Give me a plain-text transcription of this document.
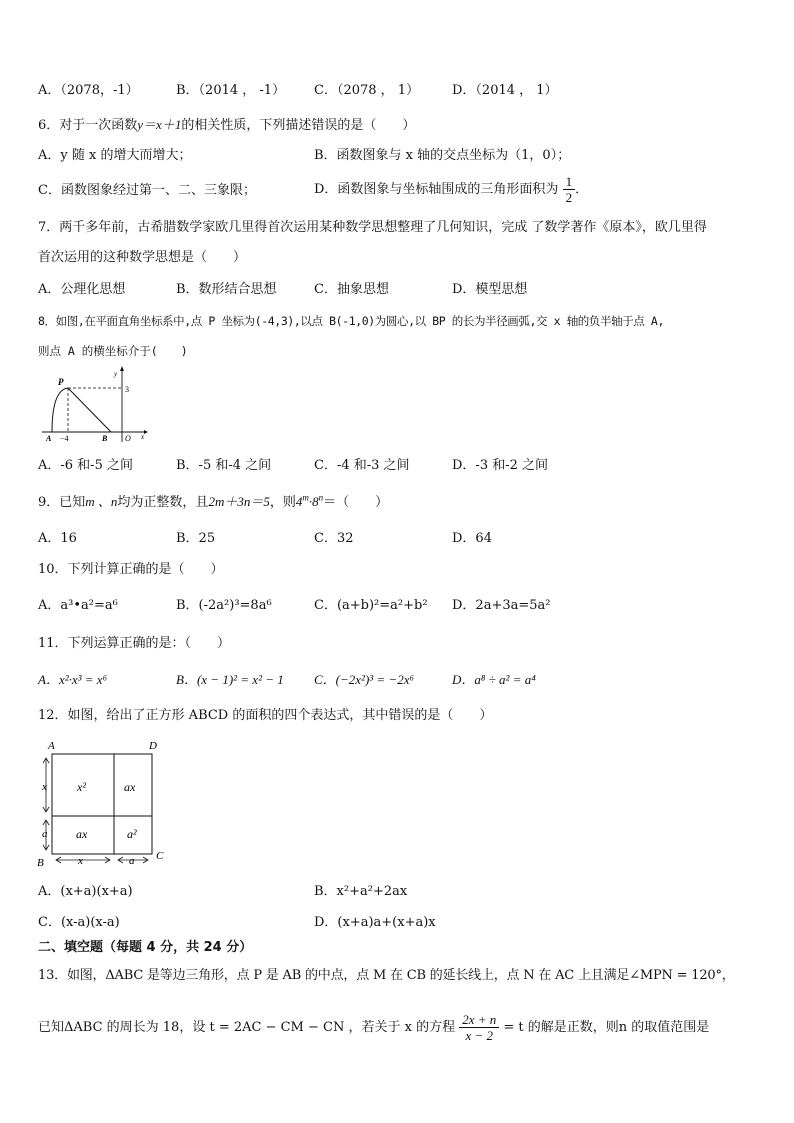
A．（2078，-1）	B．（2014 ， -1） C．（2078 ， 1）	D．（2014 ， 1）
6．对于一次函数y＝x＋1的相关性质，下列描述错误的是（　　）
A．y 随 x 的增大而增大；	B．函数图象与 x 轴的交点坐标为（1，0）；
C．函数图象经过第一、二、三象限；	D．函数图象与坐标轴围成的三角形面积为 $\frac{1}{2}$ ．
7．两千多年前，古希腊数学家欧几里得首次运用某种数学思想整理了几何知识，完成 了数学著作《原本》，欧几里得
首次运用的这种数学思想是（　　）
A．公理化思想	B．数形结合思想	C．抽象思想	D．模型思想
8．如图,在平面直角坐标系中,点 P 坐标为(-4,3),以点 B(-1,0)为圆心,以 BP 的长为半径画弧,交 x 轴的负半轴于点 A,
则点 A 的横坐标介于(　　)
P
y
3
A −4	B O x
A．-6 和-5 之间	B．-5 和-4 之间	C．-4 和-3 之间	D．-3 和-2 之间
9．已知m 、n均为正整数，且2m＋3n＝5，则$4^m\cdot 8^n=$（　　）
A．16	B．25	C．32	D．64
10．下列计算正确的是（　　）
A．a³•a²=a⁶	B．(-2a²)³=8a⁶	C．(a+b)²=a²+b² D．2a+3a=5a²
11．下列运算正确的是：（　　）
A．x²·x³ = x⁶	B．(x − 1)² = x² − 1 C．(−2x²)³ = −2x⁶	D．a⁸ ÷ a² = a⁴
12．如图，给出了正方形 ABCD 的面积的四个表达式，其中错误的是（　　）
A	D
B
C
x²	ax
ax	a²
x
a
x	a
A．(x+a)(x+a)	B．x²+a²+2ax
C．(x-a)(x-a)	D．(x+a)a+(x+a)x
二、填空题（每题 4 分，共 24 分）
13．如图，ΔABC 是等边三角形，点 P 是 AB 的中点，点 M 在 CB 的延长线上，点 N 在 AC 上且满足∠MPN = 120°，
已知ΔABC 的周长为 18，设 t = 2AC − CM − CN ，若关于 x 的方程 $\frac{2x + n}{x - 2} = t$ 的解是正数，则n 的取值范围是
